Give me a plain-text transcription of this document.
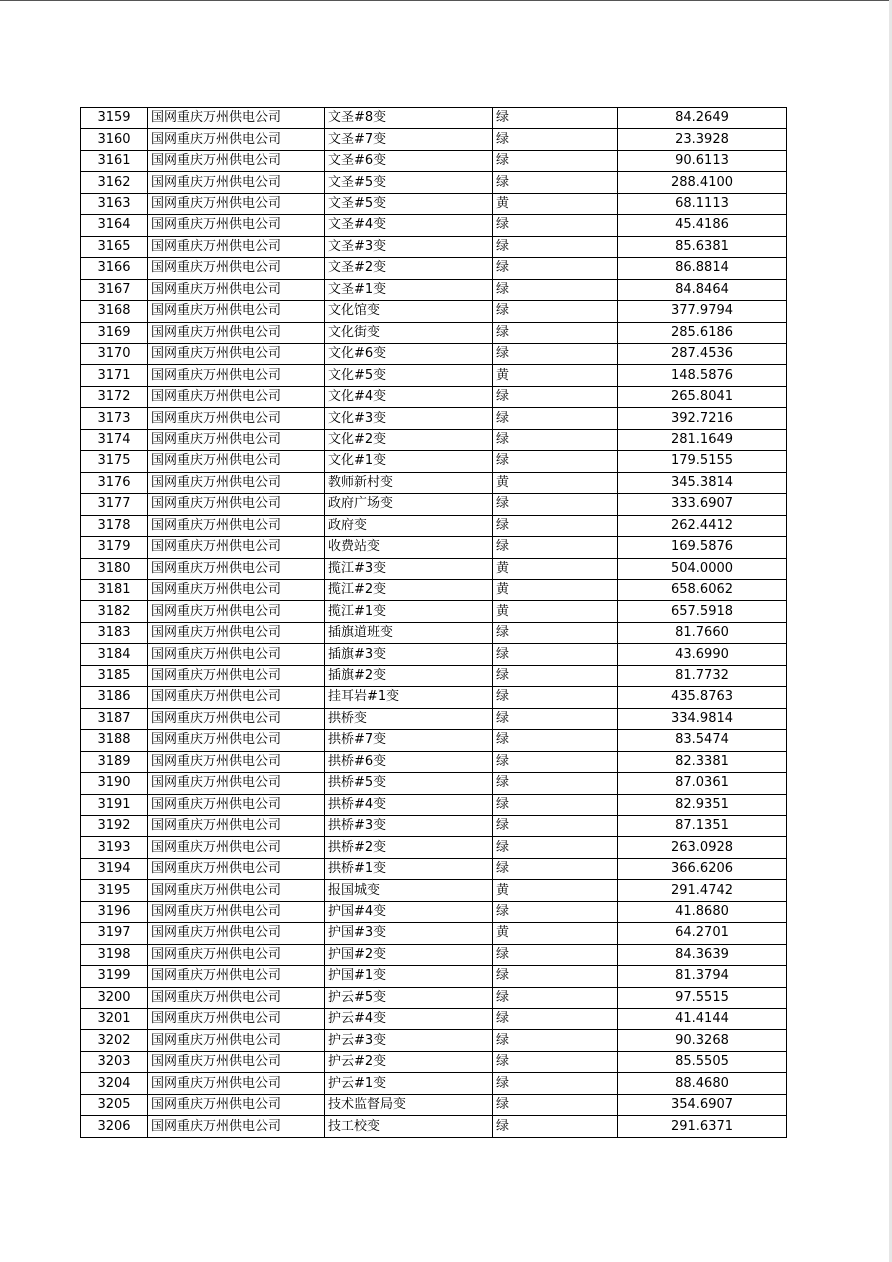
3159	国网重庆万州供电公司	文圣#8变	绿	84.2649
3160	国网重庆万州供电公司	文圣#7变	绿	23.3928
3161	国网重庆万州供电公司	文圣#6变	绿	90.6113
3162	国网重庆万州供电公司	文圣#5变	绿	288.4100
3163	国网重庆万州供电公司	文圣#5变	黄	68.1113
3164	国网重庆万州供电公司	文圣#4变	绿	45.4186
3165	国网重庆万州供电公司	文圣#3变	绿	85.6381
3166	国网重庆万州供电公司	文圣#2变	绿	86.8814
3167	国网重庆万州供电公司	文圣#1变	绿	84.8464
3168	国网重庆万州供电公司	文化馆变	绿	377.9794
3169	国网重庆万州供电公司	文化街变	绿	285.6186
3170	国网重庆万州供电公司	文化#6变	绿	287.4536
3171	国网重庆万州供电公司	文化#5变	黄	148.5876
3172	国网重庆万州供电公司	文化#4变	绿	265.8041
3173	国网重庆万州供电公司	文化#3变	绿	392.7216
3174	国网重庆万州供电公司	文化#2变	绿	281.1649
3175	国网重庆万州供电公司	文化#1变	绿	179.5155
3176	国网重庆万州供电公司	教师新村变	黄	345.3814
3177	国网重庆万州供电公司	政府广场变	绿	333.6907
3178	国网重庆万州供电公司	政府变	绿	262.4412
3179	国网重庆万州供电公司	收费站变	绿	169.5876
3180	国网重庆万州供电公司	揽江#3变	黄	504.0000
3181	国网重庆万州供电公司	揽江#2变	黄	658.6062
3182	国网重庆万州供电公司	揽江#1变	黄	657.5918
3183	国网重庆万州供电公司	插旗道班变	绿	81.7660
3184	国网重庆万州供电公司	插旗#3变	绿	43.6990
3185	国网重庆万州供电公司	插旗#2变	绿	81.7732
3186	国网重庆万州供电公司	挂耳岩#1变	绿	435.8763
3187	国网重庆万州供电公司	拱桥变	绿	334.9814
3188	国网重庆万州供电公司	拱桥#7变	绿	83.5474
3189	国网重庆万州供电公司	拱桥#6变	绿	82.3381
3190	国网重庆万州供电公司	拱桥#5变	绿	87.0361
3191	国网重庆万州供电公司	拱桥#4变	绿	82.9351
3192	国网重庆万州供电公司	拱桥#3变	绿	87.1351
3193	国网重庆万州供电公司	拱桥#2变	绿	263.0928
3194	国网重庆万州供电公司	拱桥#1变	绿	366.6206
3195	国网重庆万州供电公司	报国城变	黄	291.4742
3196	国网重庆万州供电公司	护国#4变	绿	41.8680
3197	国网重庆万州供电公司	护国#3变	黄	64.2701
3198	国网重庆万州供电公司	护国#2变	绿	84.3639
3199	国网重庆万州供电公司	护国#1变	绿	81.3794
3200	国网重庆万州供电公司	护云#5变	绿	97.5515
3201	国网重庆万州供电公司	护云#4变	绿	41.4144
3202	国网重庆万州供电公司	护云#3变	绿	90.3268
3203	国网重庆万州供电公司	护云#2变	绿	85.5505
3204	国网重庆万州供电公司	护云#1变	绿	88.4680
3205	国网重庆万州供电公司	技术监督局变	绿	354.6907
3206	国网重庆万州供电公司	技工校变	绿	291.6371
